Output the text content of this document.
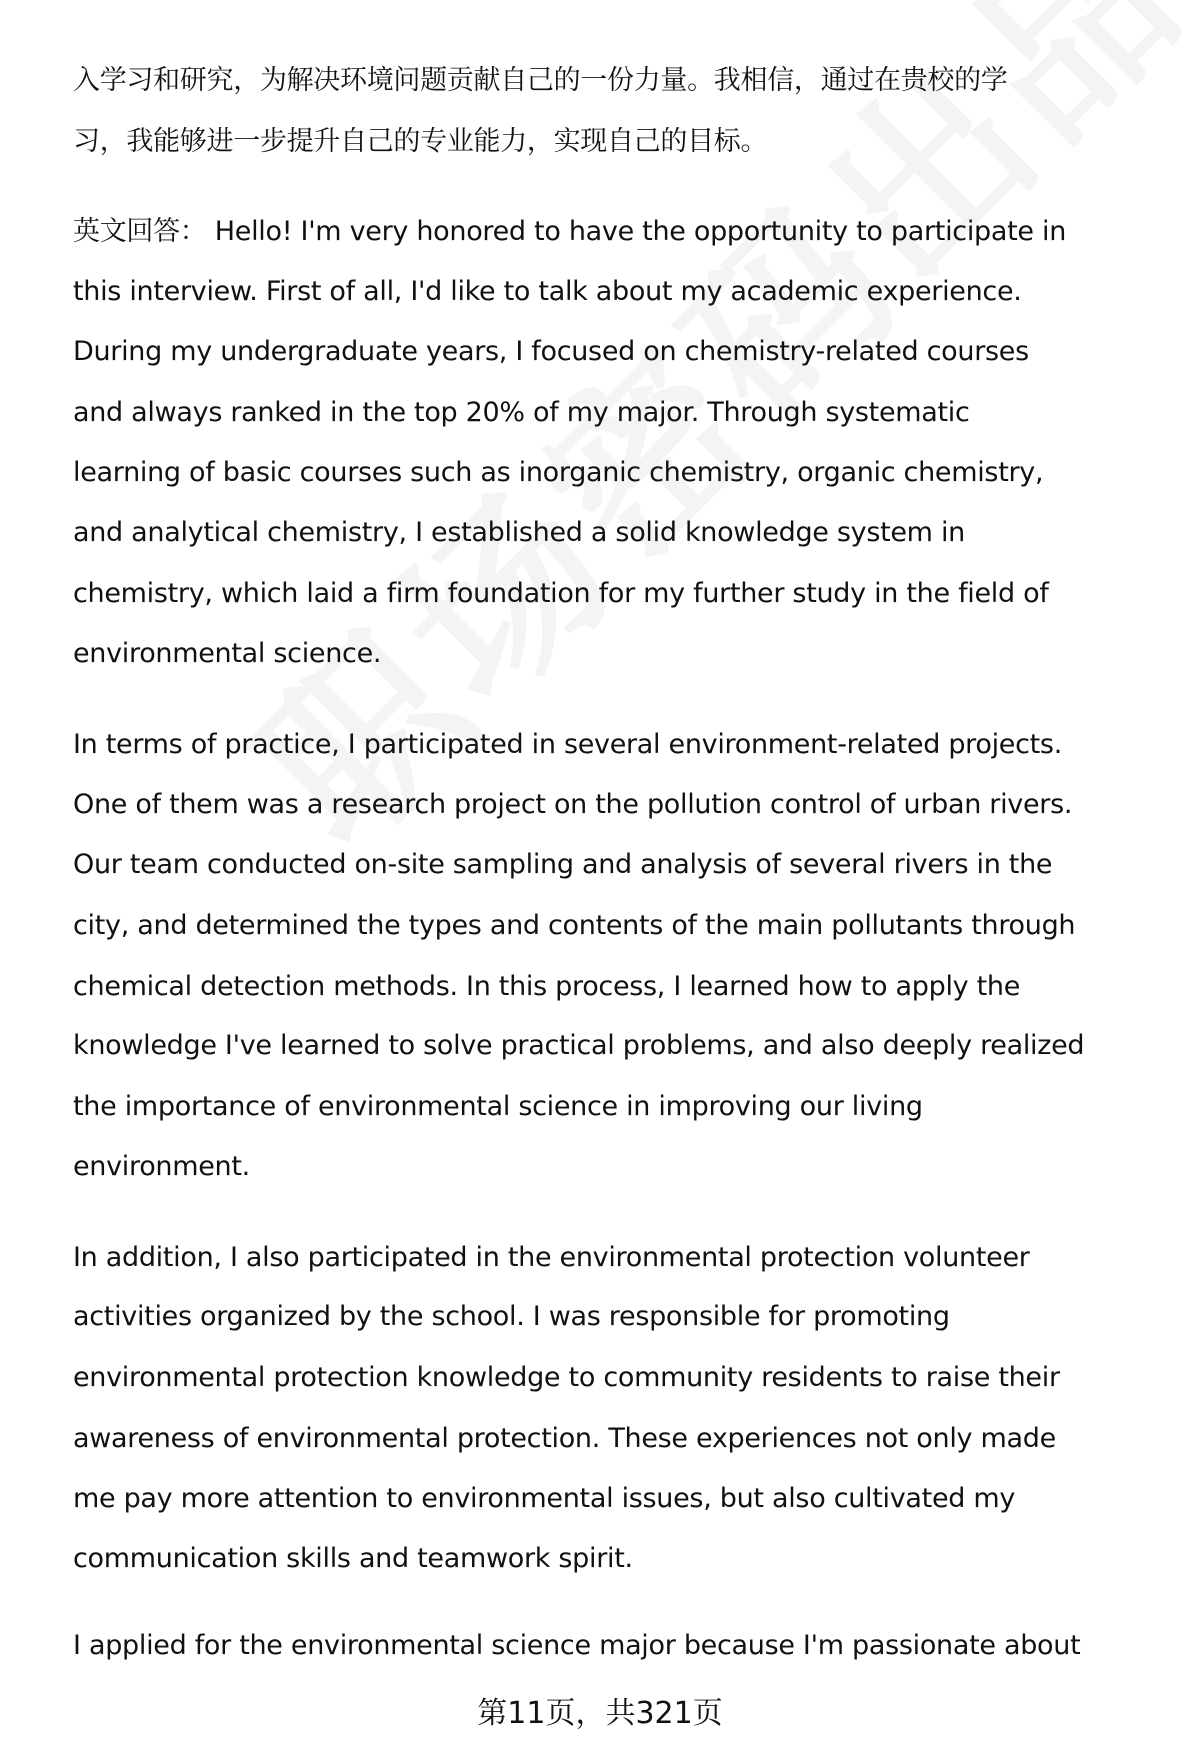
入学习和研究，为解决环境问题贡献自己的一份力量。我相信，通过在贵校的学
习，我能够进一步提升自己的专业能力，实现自己的目标。
英文回答： Hello! I'm very honored to have the opportunity to participate in
this interview. First of all, I'd like to talk about my academic experience.
During my undergraduate years, I focused on chemistry-related courses
and always ranked in the top 20% of my major. Through systematic
learning of basic courses such as inorganic chemistry, organic chemistry,
and analytical chemistry, I established a solid knowledge system in
chemistry, which laid a firm foundation for my further study in the field of
environmental science.
In terms of practice, I participated in several environment-related projects.
One of them was a research project on the pollution control of urban rivers.
Our team conducted on-site sampling and analysis of several rivers in the
city, and determined the types and contents of the main pollutants through
chemical detection methods. In this process, I learned how to apply the
knowledge I've learned to solve practical problems, and also deeply realized
the importance of environmental science in improving our living
environment.
In addition, I also participated in the environmental protection volunteer
activities organized by the school. I was responsible for promoting
environmental protection knowledge to community residents to raise their
awareness of environmental protection. These experiences not only made
me pay more attention to environmental issues, but also cultivated my
communication skills and teamwork spirit.
I applied for the environmental science major because I'm passionate about
第11页，共321页
